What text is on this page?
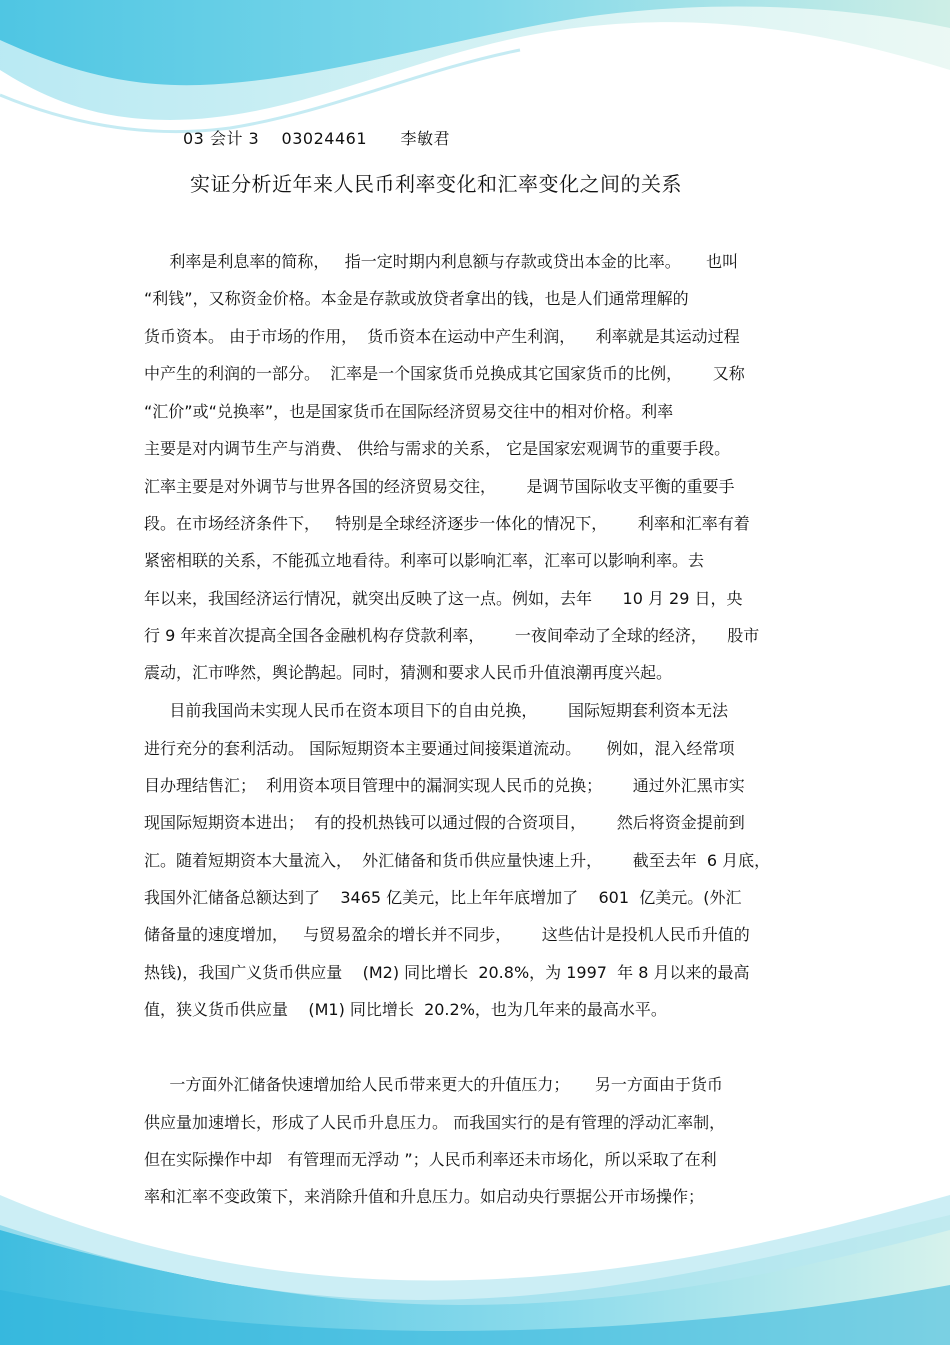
03 会计 3    03024461      李敏君
实证分析近年来人民币利率变化和汇率变化之间的关系
利率是利息率的简称，   指一定时期内利息额与存款或贷出本金的比率。     也叫
“利钱”，又称资金价格。本金是存款或放贷者拿出的钱，也是人们通常理解的
货币资本。 由于市场的作用，  货币资本在运动中产生利润，    利率就是其运动过程
中产生的利润的一部分。  汇率是一个国家货币兑换成其它国家货币的比例，      又称
“汇价”或“兑换率”，也是国家货币在国际经济贸易交往中的相对价格。利率
主要是对内调节生产与消费、 供给与需求的关系， 它是国家宏观调节的重要手段。
汇率主要是对外调节与世界各国的经济贸易交往，      是调节国际收支平衡的重要手
段。在市场经济条件下，   特别是全球经济逐步一体化的情况下，      利率和汇率有着
紧密相联的关系，不能孤立地看待。利率可以影响汇率，汇率可以影响利率。去
年以来，我国经济运行情况，就突出反映了这一点。例如，去年      10 月 29 日，央
行 9 年来首次提高全国各金融机构存贷款利率，      一夜间牵动了全球的经济，    股市
震动，汇市哗然，舆论鹊起。同时，猜测和要求人民币升值浪潮再度兴起。
目前我国尚未实现人民币在资本项目下的自由兑换，      国际短期套利资本无法
进行充分的套利活动。 国际短期资本主要通过间接渠道流动。     例如，混入经常项
目办理结售汇；  利用资本项目管理中的漏洞实现人民币的兑换；      通过外汇黑市实
现国际短期资本进出；  有的投机热钱可以通过假的合资项目，      然后将资金提前到
汇。随着短期资本大量流入，  外汇储备和货币供应量快速上升，      截至去年  6 月底，
我国外汇储备总额达到了    3465 亿美元，比上年年底增加了    601  亿美元。(外汇
储备量的速度增加，   与贸易盈余的增长并不同步，      这些估计是投机人民币升值的
热钱)，我国广义货币供应量    (M2) 同比增长  20.8%，为 1997  年 8 月以来的最高
值，狭义货币供应量    (M1) 同比增长  20.2%，也为几年来的最高水平。
一方面外汇储备快速增加给人民币带来更大的升值压力；     另一方面由于货币
供应量加速增长，形成了人民币升息压力。 而我国实行的是有管理的浮动汇率制，
但在实际操作中却   有管理而无浮动 ”；人民币利率还未市场化，所以采取了在利
率和汇率不变政策下，来消除升值和升息压力。如启动央行票据公开市场操作；
